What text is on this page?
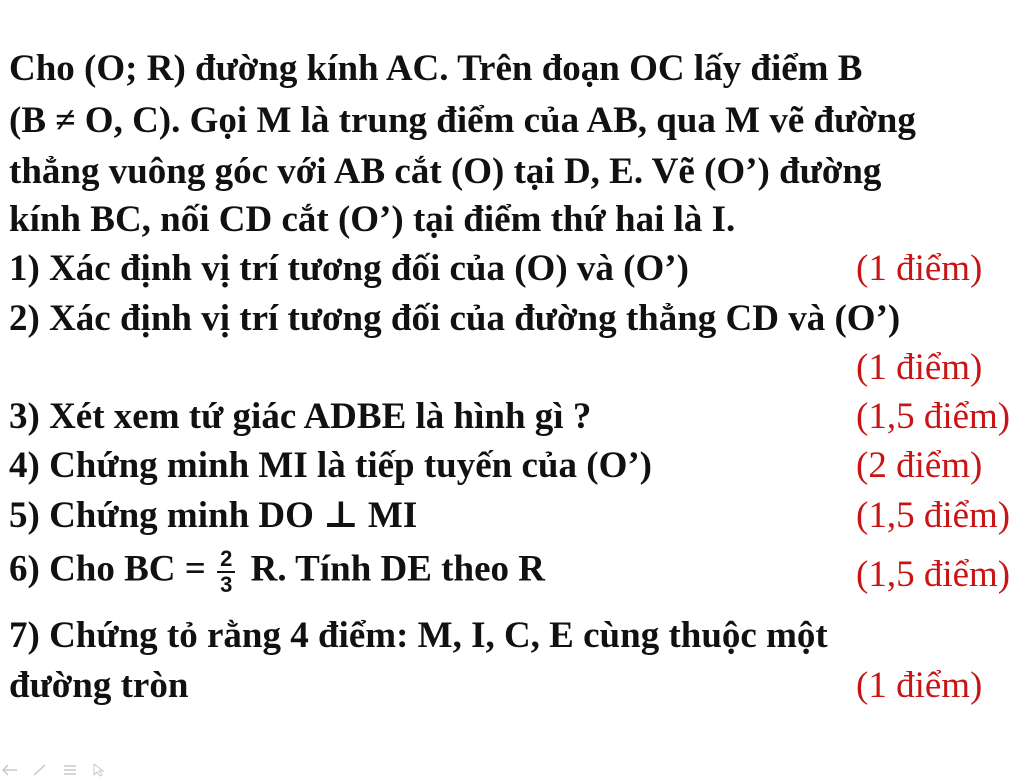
Cho (O; R) đường kính AC. Trên đoạn OC lấy điểm B
(B ≠ O, C). Gọi M là trung điểm của AB, qua M vẽ đường
thẳng vuông góc với AB cắt (O) tại D, E. Vẽ (O’) đường
kính BC, nối CD cắt (O’) tại điểm thứ hai là I.
1) Xác định vị trí tương đối của (O) và (O’)	(1 điểm)
2) Xác định vị trí tương đối của đường thẳng CD và (O’)
(1 điểm)
3) Xét xem tứ giác ADBE là hình gì ?	(1,5 điểm)
4) Chứng minh MI là tiếp tuyến của (O’)	(2 điểm)
5) Chứng minh DO ⊥ MI	(1,5 điểm)
6) Cho BC = $\frac{2}{3} R$. Tính DE theo R	(1,5 điểm)
7) Chứng tỏ rằng 4 điểm: M, I, C, E cùng thuộc một
đường tròn	(1 điểm)
